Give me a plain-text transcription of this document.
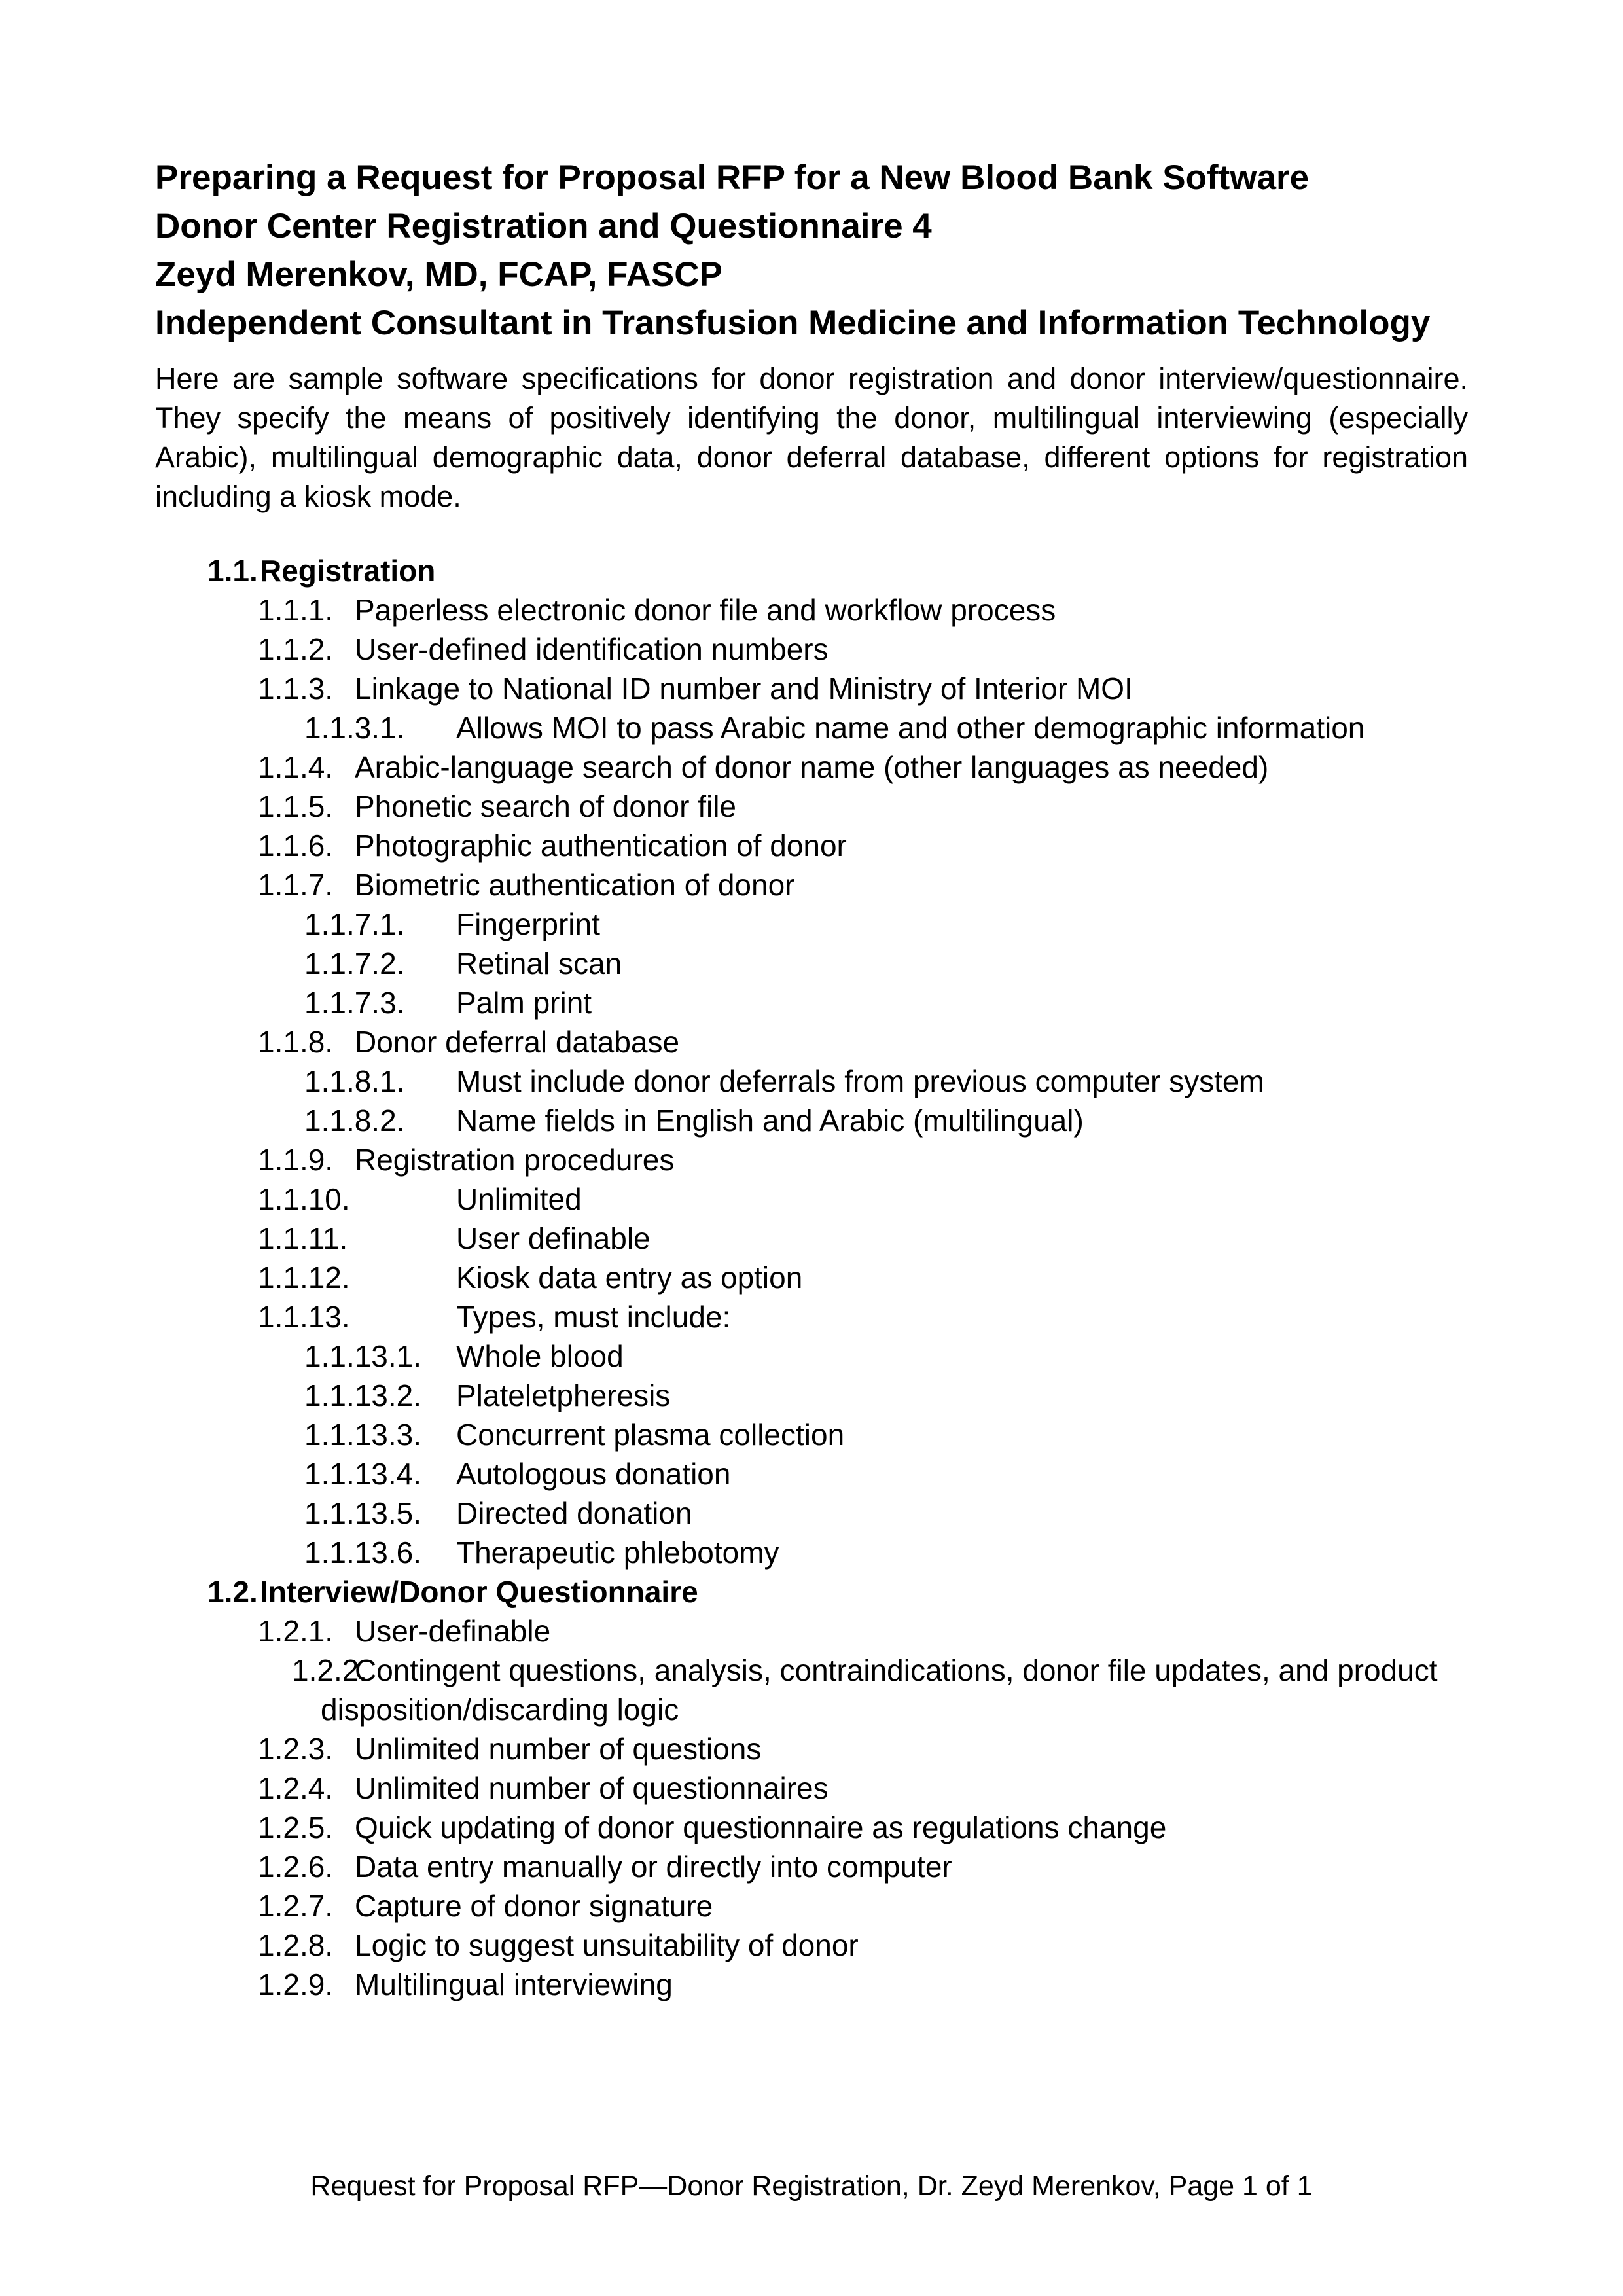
Preparing a Request for Proposal RFP for a New Blood Bank Software
Donor Center Registration and Questionnaire 4
Zeyd Merenkov, MD, FCAP, FASCP
Independent Consultant in Transfusion Medicine and Information Technology

Here are sample software specifications for donor registration and donor interview/questionnaire. They specify the means of positively identifying the donor, multilingual interviewing (especially Arabic), multilingual demographic data, donor deferral database, different options for registration including a kiosk mode.

1.1. Registration
1.1.1. Paperless electronic donor file and workflow process
1.1.2. User-defined identification numbers
1.1.3. Linkage to National ID number and Ministry of Interior MOI
1.1.3.1. Allows MOI to pass Arabic name and other demographic information
1.1.4. Arabic-language search of donor name (other languages as needed)
1.1.5. Phonetic search of donor file
1.1.6. Photographic authentication of donor
1.1.7. Biometric authentication of donor
1.1.7.1. Fingerprint
1.1.7.2. Retinal scan
1.1.7.3. Palm print
1.1.8. Donor deferral database
1.1.8.1. Must include donor deferrals from previous computer system
1.1.8.2. Name fields in English and Arabic (multilingual)
1.1.9. Registration procedures
1.1.10.	Unlimited
1.1.11.	User definable
1.1.12.	Kiosk data entry as option
1.1.13.	Types, must include:
1.1.13.1. Whole blood
1.1.13.2. Plateletpheresis
1.1.13.3. Concurrent plasma collection
1.1.13.4. Autologous donation
1.1.13.5. Directed donation
1.1.13.6. Therapeutic phlebotomy
1.2. Interview/Donor Questionnaire
1.2.1. User-definable
1.2.2.
Contingent questions, analysis, contraindications, donor file updates, and product disposition/discarding logic
1.2.3. Unlimited number of questions
1.2.4. Unlimited number of questionnaires
1.2.5. Quick updating of donor questionnaire as regulations change
1.2.6. Data entry manually or directly into computer
1.2.7. Capture of donor signature
1.2.8. Logic to suggest unsuitability of donor
1.2.9. Multilingual interviewing
Request for Proposal RFP—Donor Registration, Dr. Zeyd Merenkov, Page 1 of 1
